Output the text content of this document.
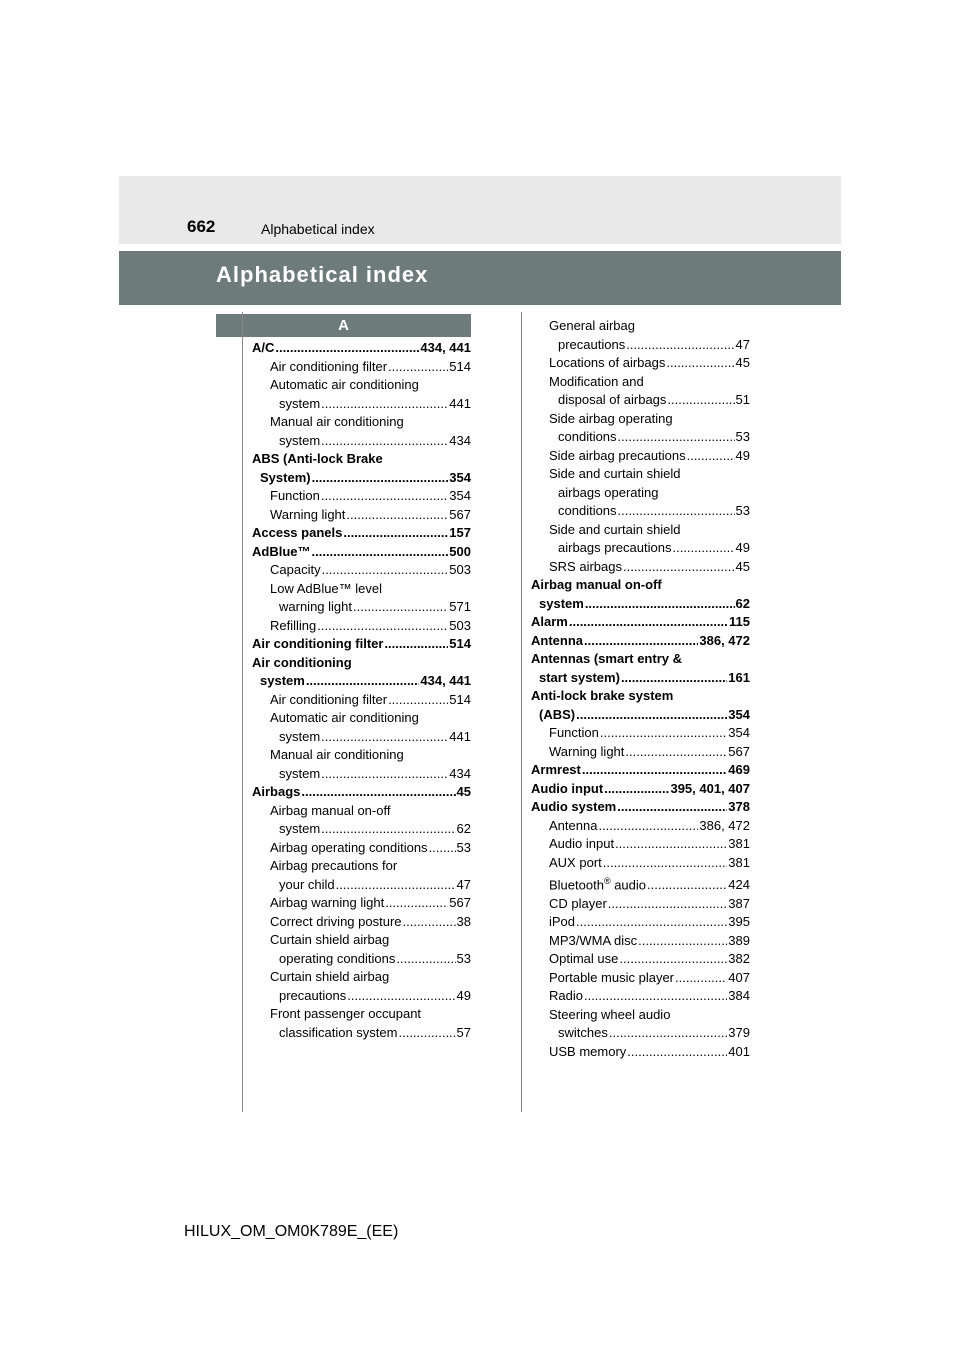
662	Alphabetical index
Alphabetical index
A
A/C .....	434, 441
Air conditioning filter .....	514
Automatic air conditioning
system .....	441
Manual air conditioning
system .....	434
ABS (Anti-lock Brake
System) .....	354
Function .....	354
Warning light .....	567
Access panels .....	157
AdBlue™ .....	500
Capacity .....	503
Low AdBlue™ level
warning light .....	571
Refilling .....	503
Air conditioning filter .....	514
Air conditioning
system .....	434, 441
Air conditioning filter .....	514
Automatic air conditioning
system .....	441
Manual air conditioning
system .....	434
Airbags .....	45
Airbag manual on-off
system .....	62
Airbag operating conditions ..... 53
Airbag precautions for
your child .....	47
Airbag warning light .....	567
Correct driving posture .....	38
Curtain shield airbag
operating conditions .....	53
Curtain shield airbag
precautions .....	49
Front passenger occupant
classification system .....	57
General airbag
precautions .....	47
Locations of airbags .....	45
Modification and
disposal of airbags .....	51
Side airbag operating
conditions .....	53
Side airbag precautions .....	49
Side and curtain shield
airbags operating
conditions .....	53
Side and curtain shield
airbags precautions .....	49
SRS airbags .....	45
Airbag manual on-off
system .....	62
Alarm .....	115
Antenna .....	386, 472
Antennas (smart entry &
start system) .....	161
Anti-lock brake system
(ABS) .....	354
Function .....	354
Warning light .....	567
Armrest .....	469
Audio input .....	395, 401, 407
Audio system .....	378
Antenna .....	386, 472
Audio input .....	381
AUX port .....	381
Bluetooth® audio .....	424
CD player .....	387
iPod .....	395
MP3/WMA disc .....	389
Optimal use .....	382
Portable music player .....	407
Radio .....	384
Steering wheel audio
switches .....	379
USB memory .....	401
HILUX_OM_OM0K789E_(EE)
